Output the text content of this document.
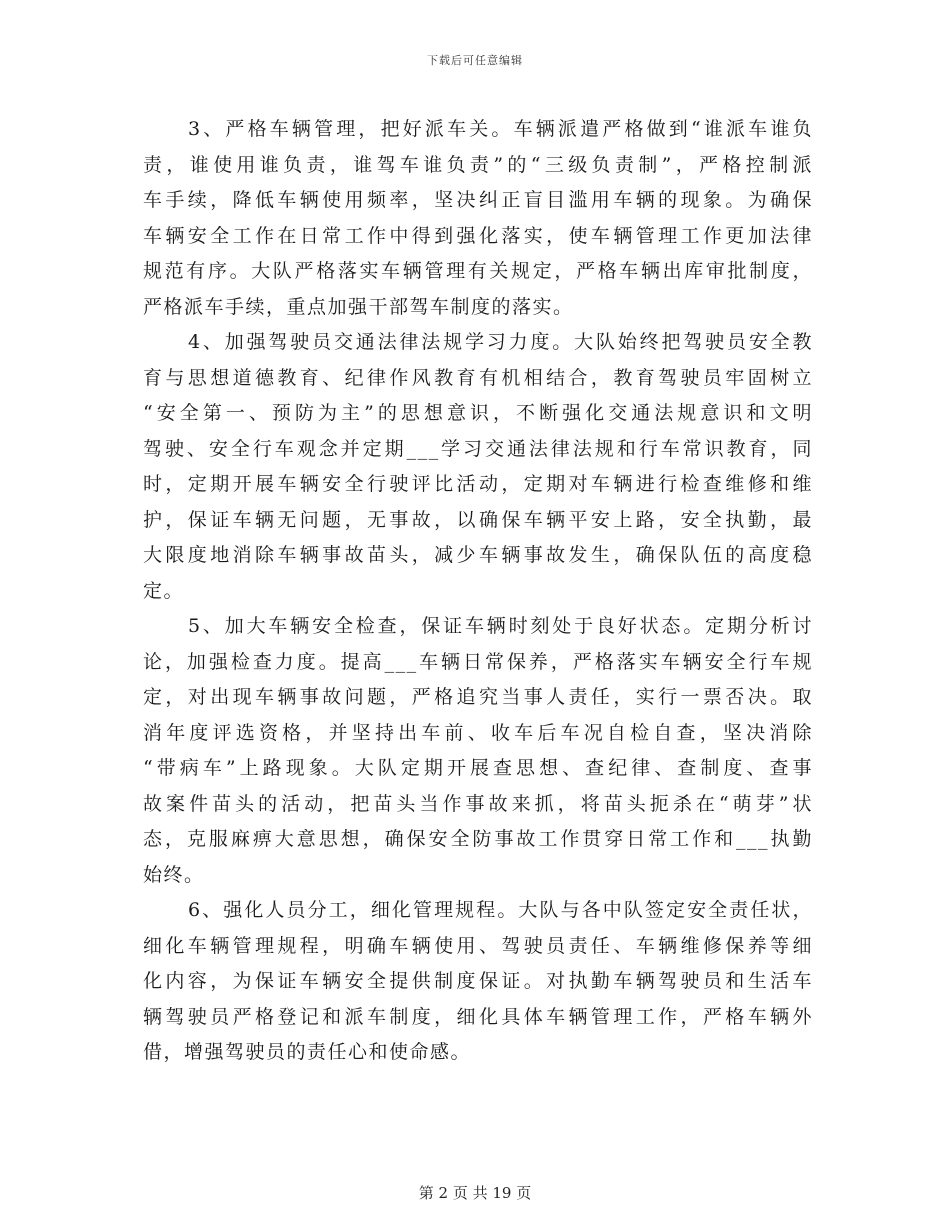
下载后可任意编辑
3、严格车辆管理，把好派车关。车辆派遣严格做到“谁派车谁负
责，谁使用谁负责，谁驾车谁负责”的“三级负责制”，严格控制派
车手续，降低车辆使用频率，坚决纠正盲目滥用车辆的现象。为确保
车辆安全工作在日常工作中得到强化落实，使车辆管理工作更加法律
规范有序。大队严格落实车辆管理有关规定，严格车辆出库审批制度，
严格派车手续，重点加强干部驾车制度的落实。
4、加强驾驶员交通法律法规学习力度。大队始终把驾驶员安全教
育与思想道德教育、纪律作风教育有机相结合，教育驾驶员牢固树立
“安全第一、预防为主”的思想意识，不断强化交通法规意识和文明
驾驶、安全行车观念并定期___学习交通法律法规和行车常识教育，同
时，定期开展车辆安全行驶评比活动，定期对车辆进行检查维修和维
护，保证车辆无问题，无事故，以确保车辆平安上路，安全执勤，最
大限度地消除车辆事故苗头，减少车辆事故发生，确保队伍的高度稳
定。
5、加大车辆安全检查，保证车辆时刻处于良好状态。定期分析讨
论，加强检查力度。提高___车辆日常保养，严格落实车辆安全行车规
定，对出现车辆事故问题，严格追究当事人责任，实行一票否决。取
消年度评选资格，并坚持出车前、收车后车况自检自查，坚决消除
“带病车”上路现象。大队定期开展查思想、查纪律、查制度、查事
故案件苗头的活动，把苗头当作事故来抓，将苗头扼杀在“萌芽”状
态，克服麻痹大意思想，确保安全防事故工作贯穿日常工作和___执勤
始终。
6、强化人员分工，细化管理规程。大队与各中队签定安全责任状，
细化车辆管理规程，明确车辆使用、驾驶员责任、车辆维修保养等细
化内容，为保证车辆安全提供制度保证。对执勤车辆驾驶员和生活车
辆驾驶员严格登记和派车制度，细化具体车辆管理工作，严格车辆外
借，增强驾驶员的责任心和使命感。
第 2 页 共 19 页
